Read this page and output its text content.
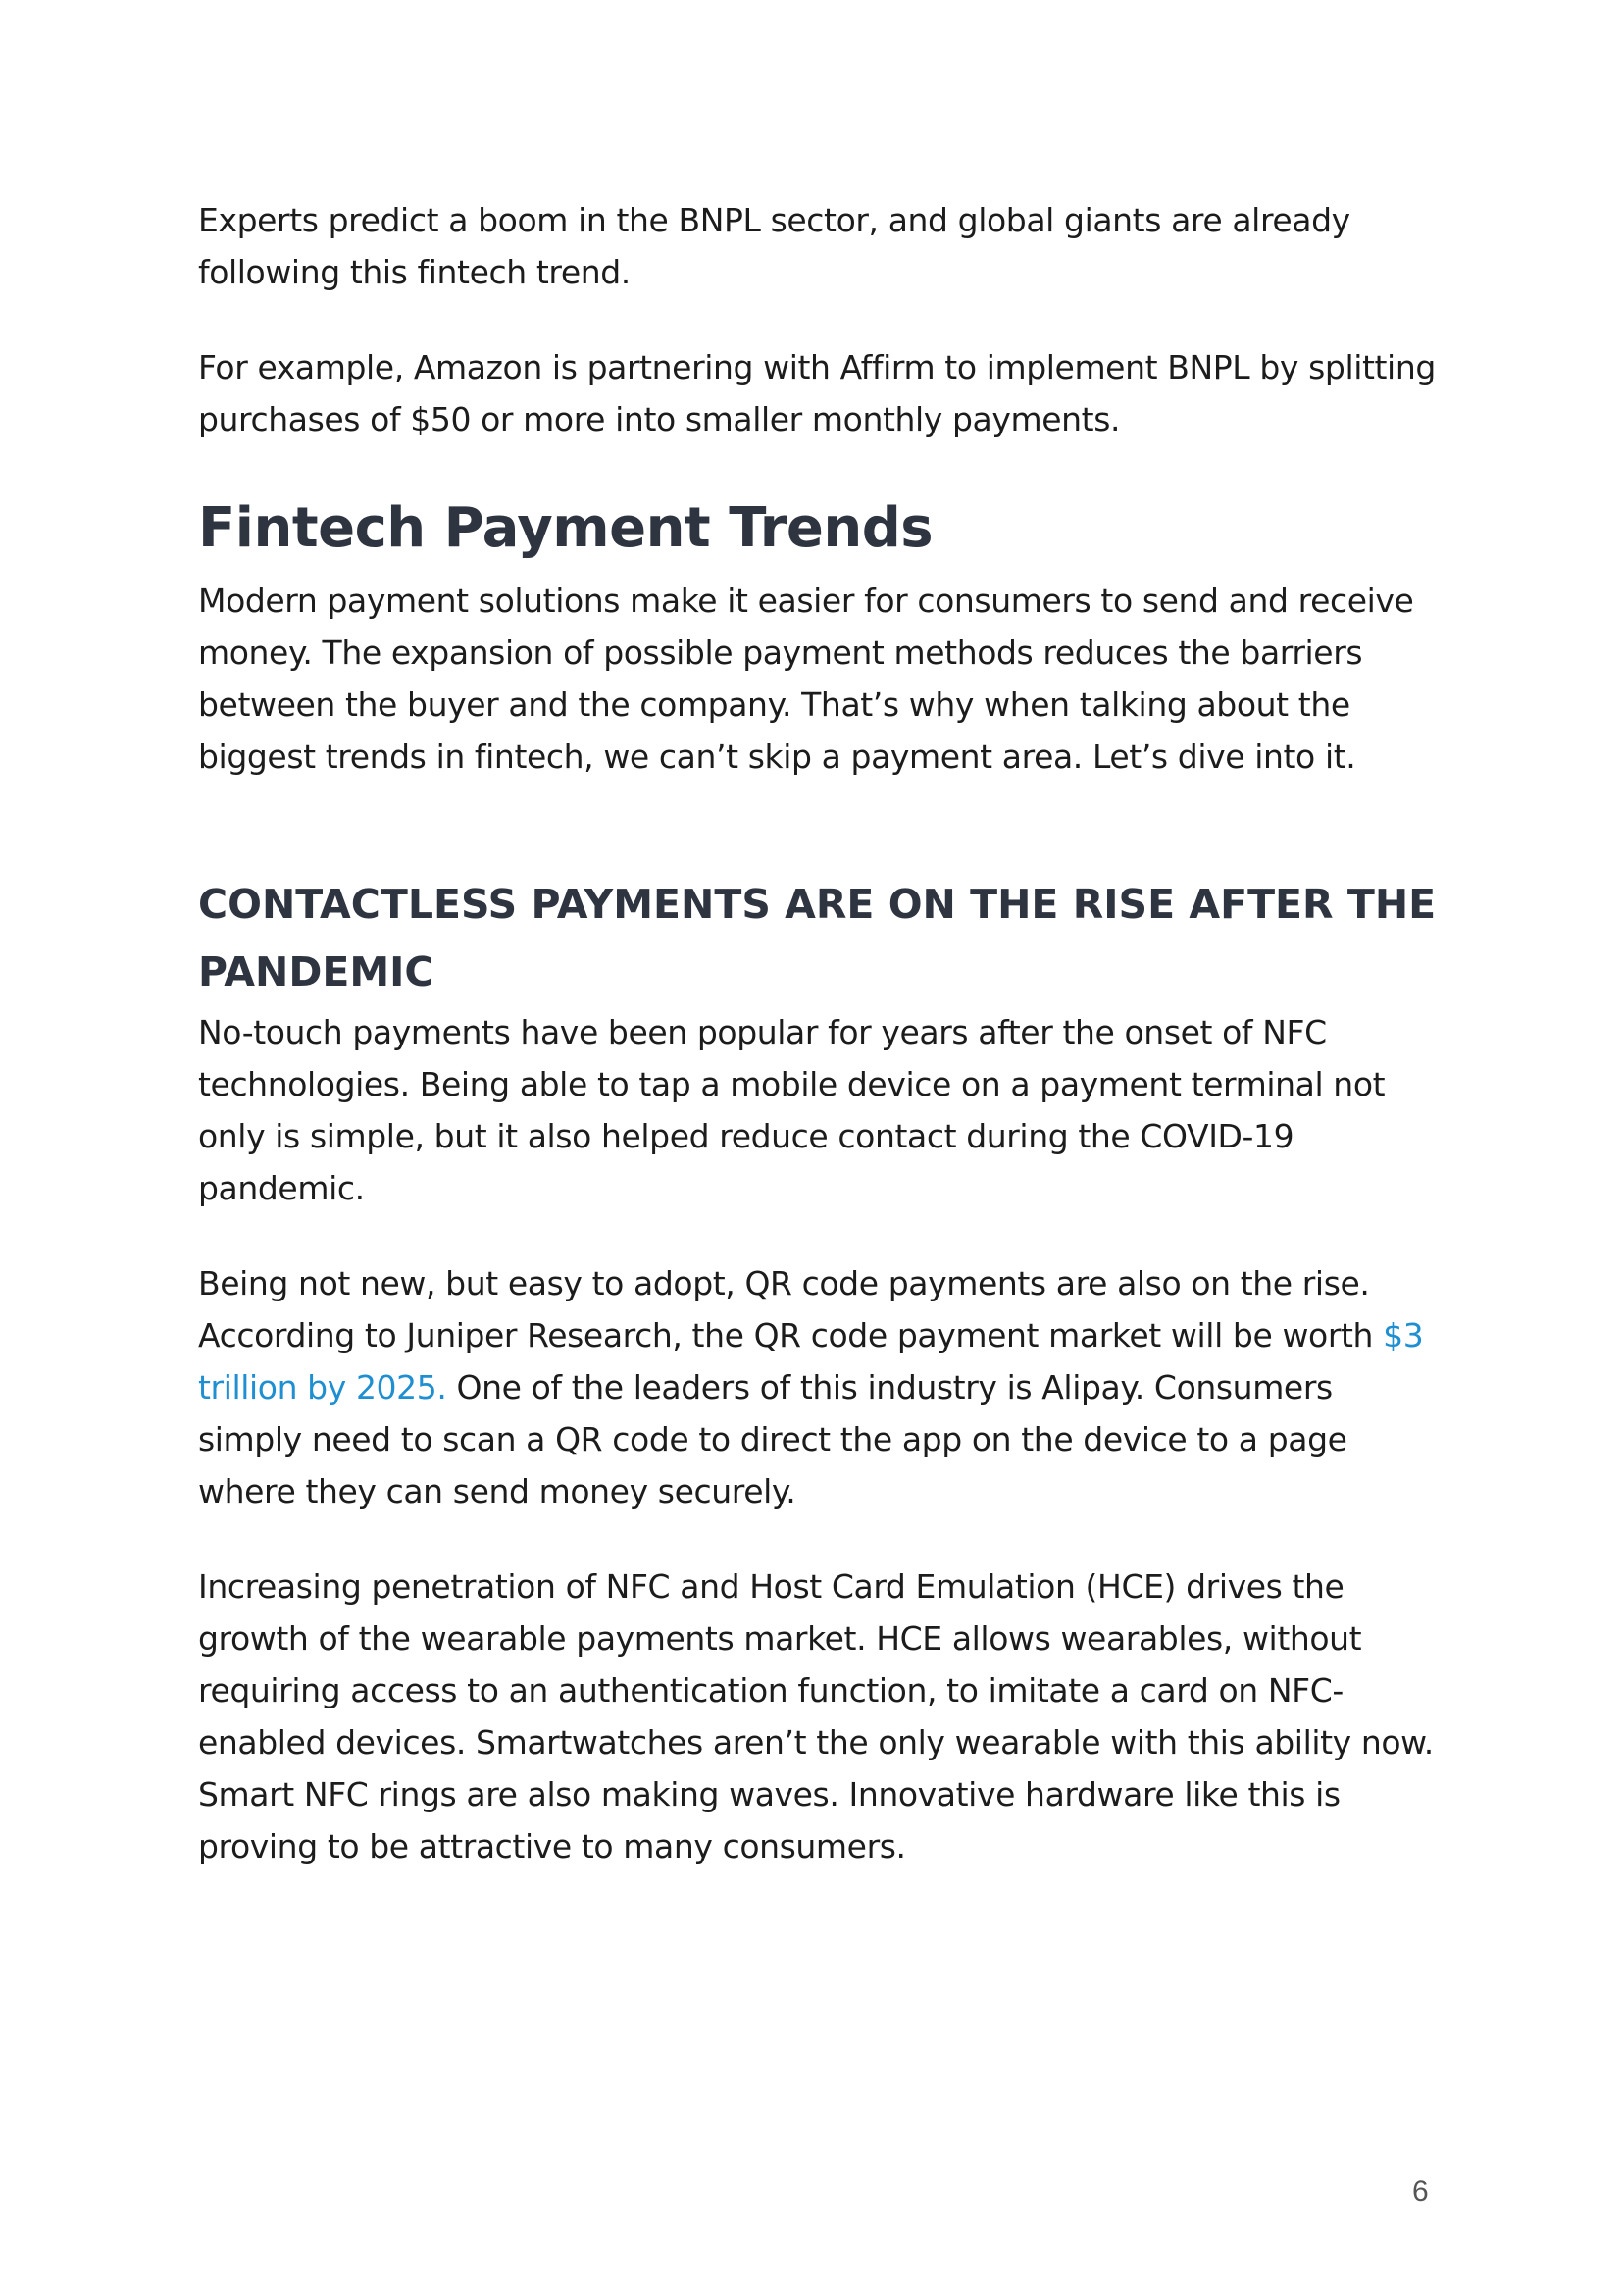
Experts predict a boom in the BNPL sector, and global giants are already following this fintech trend.

For example, Amazon is partnering with Affirm to implement BNPL by splitting purchases of $50 or more into smaller monthly payments.

Fintech Payment Trends

Modern payment solutions make it easier for consumers to send and receive money. The expansion of possible payment methods reduces the barriers between the buyer and the company. That’s why when talking about the biggest trends in fintech, we can’t skip a payment area. Let’s dive into it.

CONTACTLESS PAYMENTS ARE ON THE RISE AFTER THE PANDEMIC

No-touch payments have been popular for years after the onset of NFC technologies. Being able to tap a mobile device on a payment terminal not only is simple, but it also helped reduce contact during the COVID-19 pandemic.

Being not new, but easy to adopt, QR code payments are also on the rise. According to Juniper Research, the QR code payment market will be worth $3 trillion by 2025. One of the leaders of this industry is Alipay. Consumers simply need to scan a QR code to direct the app on the device to a page where they can send money securely.

Increasing penetration of NFC and Host Card Emulation (HCE) drives the growth of the wearable payments market. HCE allows wearables, without requiring access to an authentication function, to imitate a card on NFC-enabled devices. Smartwatches aren’t the only wearable with this ability now. Smart NFC rings are also making waves. Innovative hardware like this is proving to be attractive to many consumers.

6
